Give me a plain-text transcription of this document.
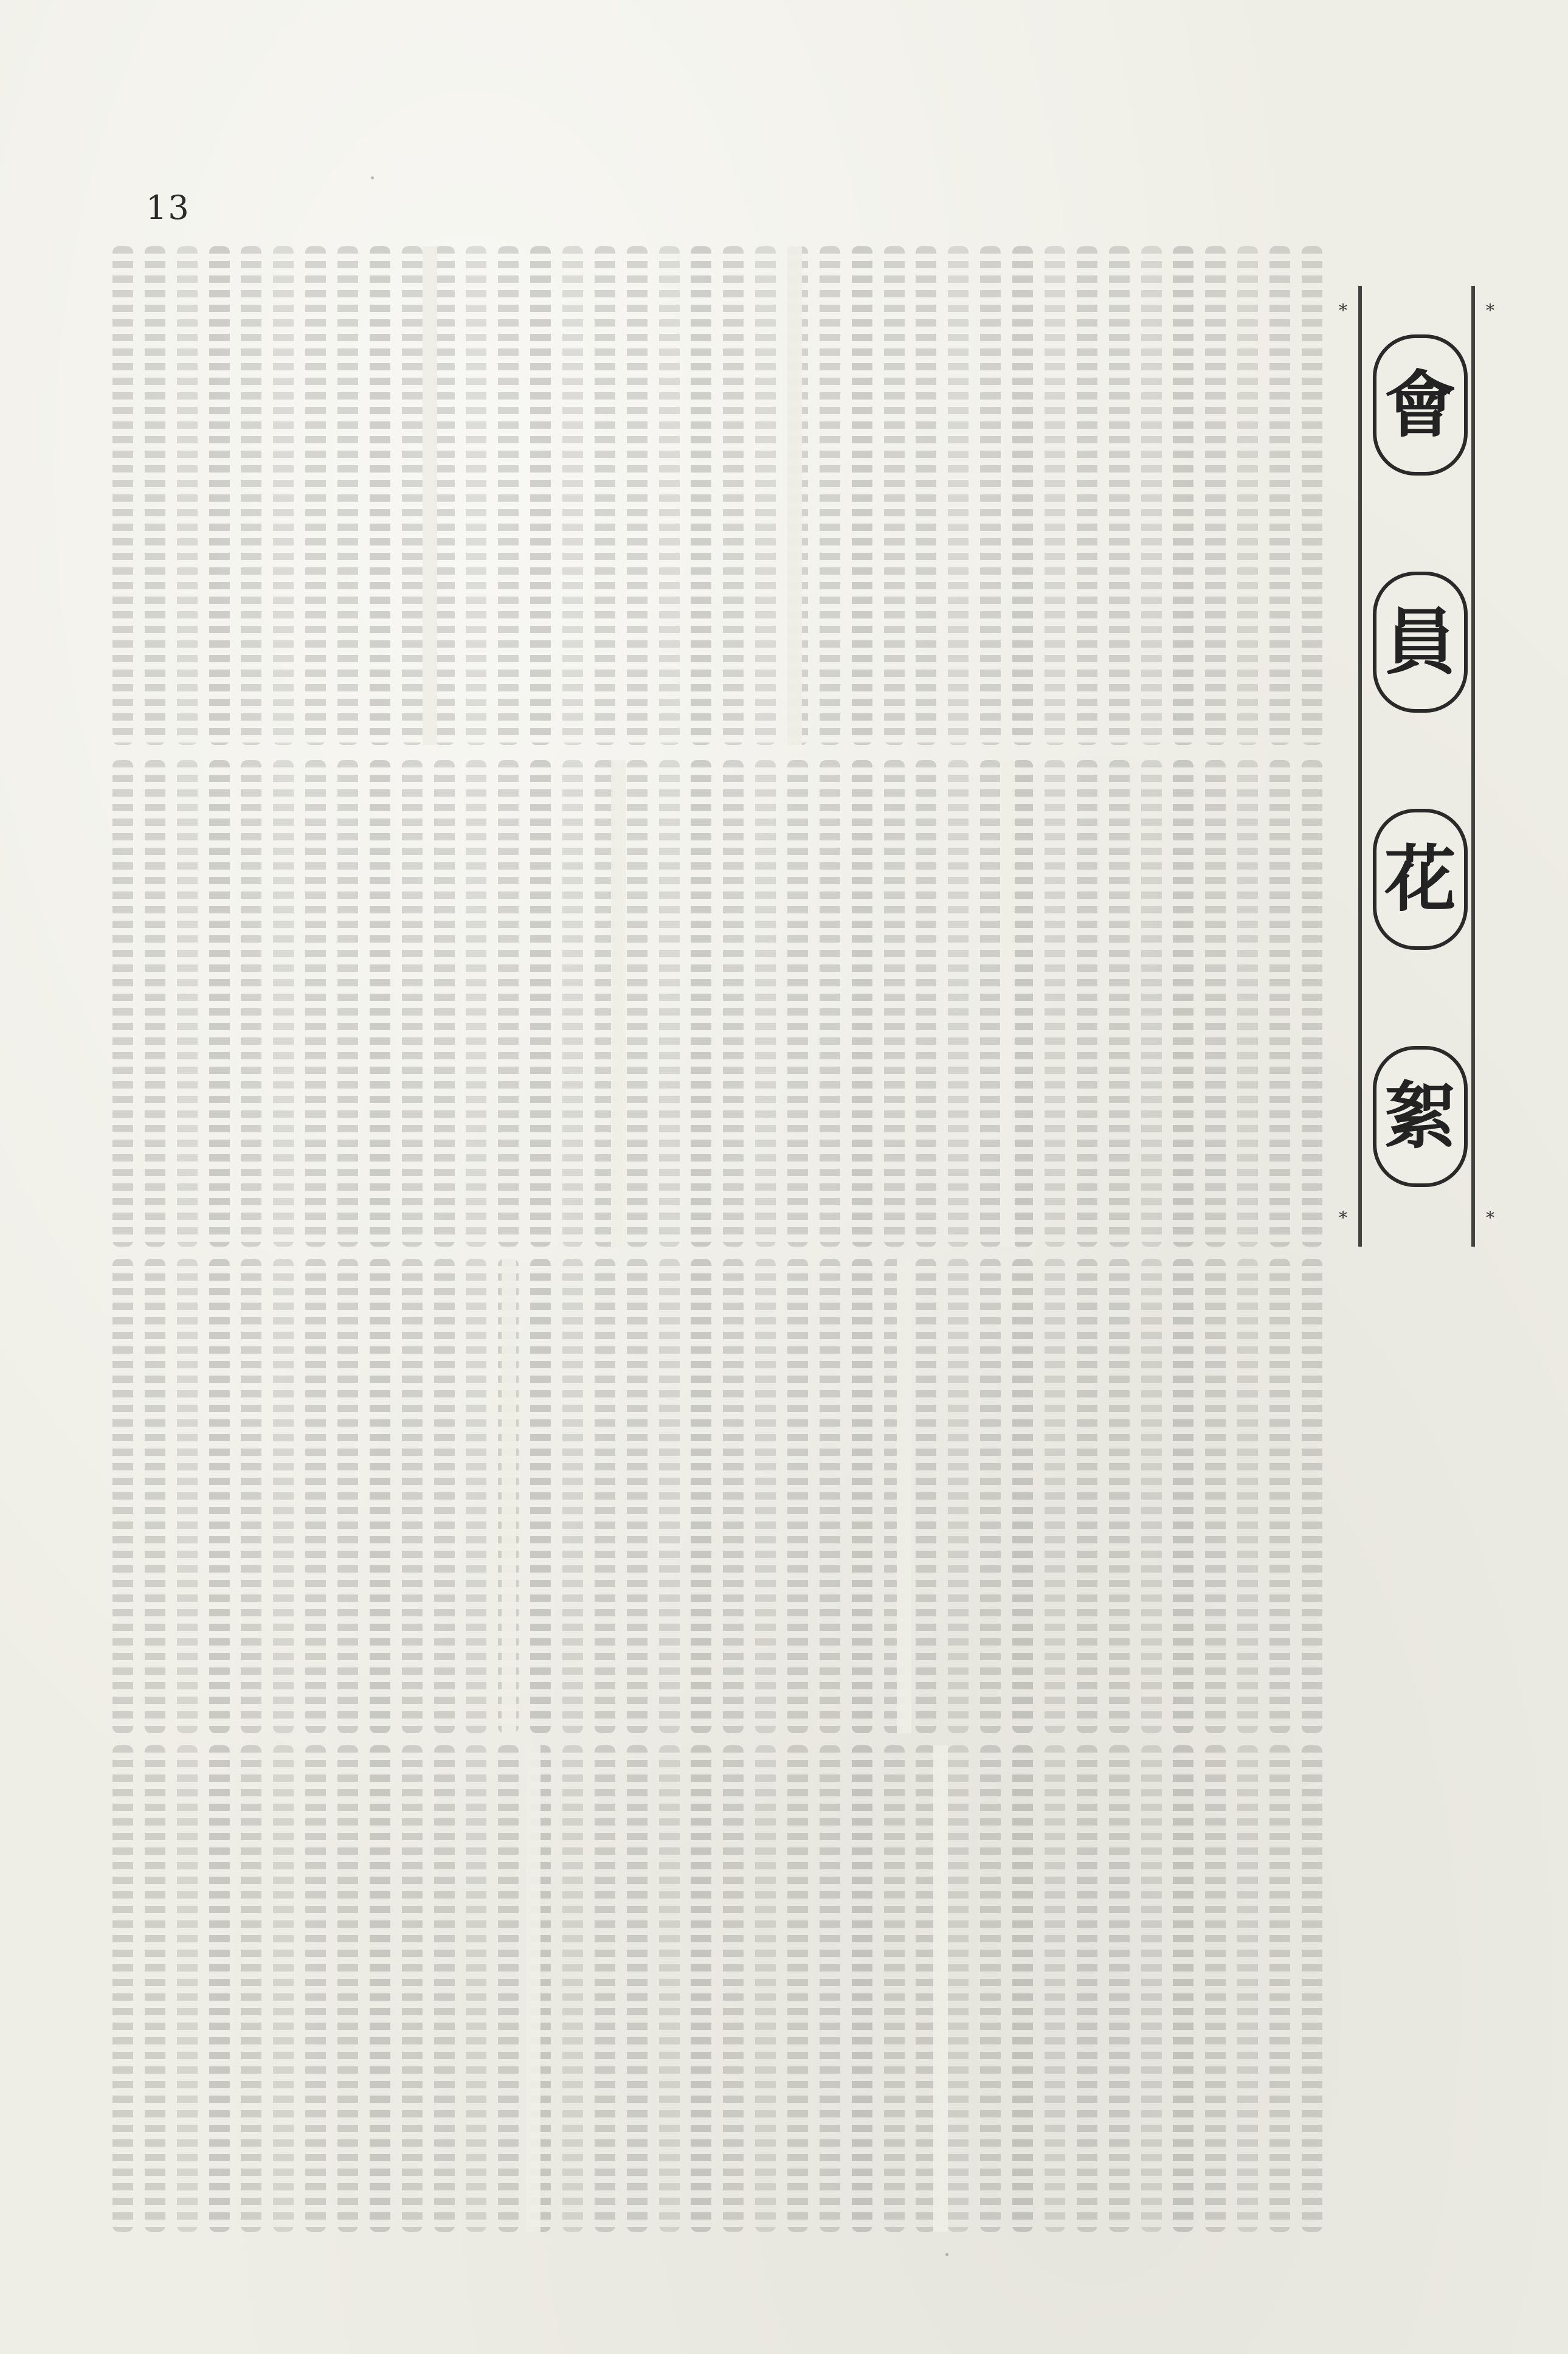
13
*	*
會
員
花
絮
*	*
